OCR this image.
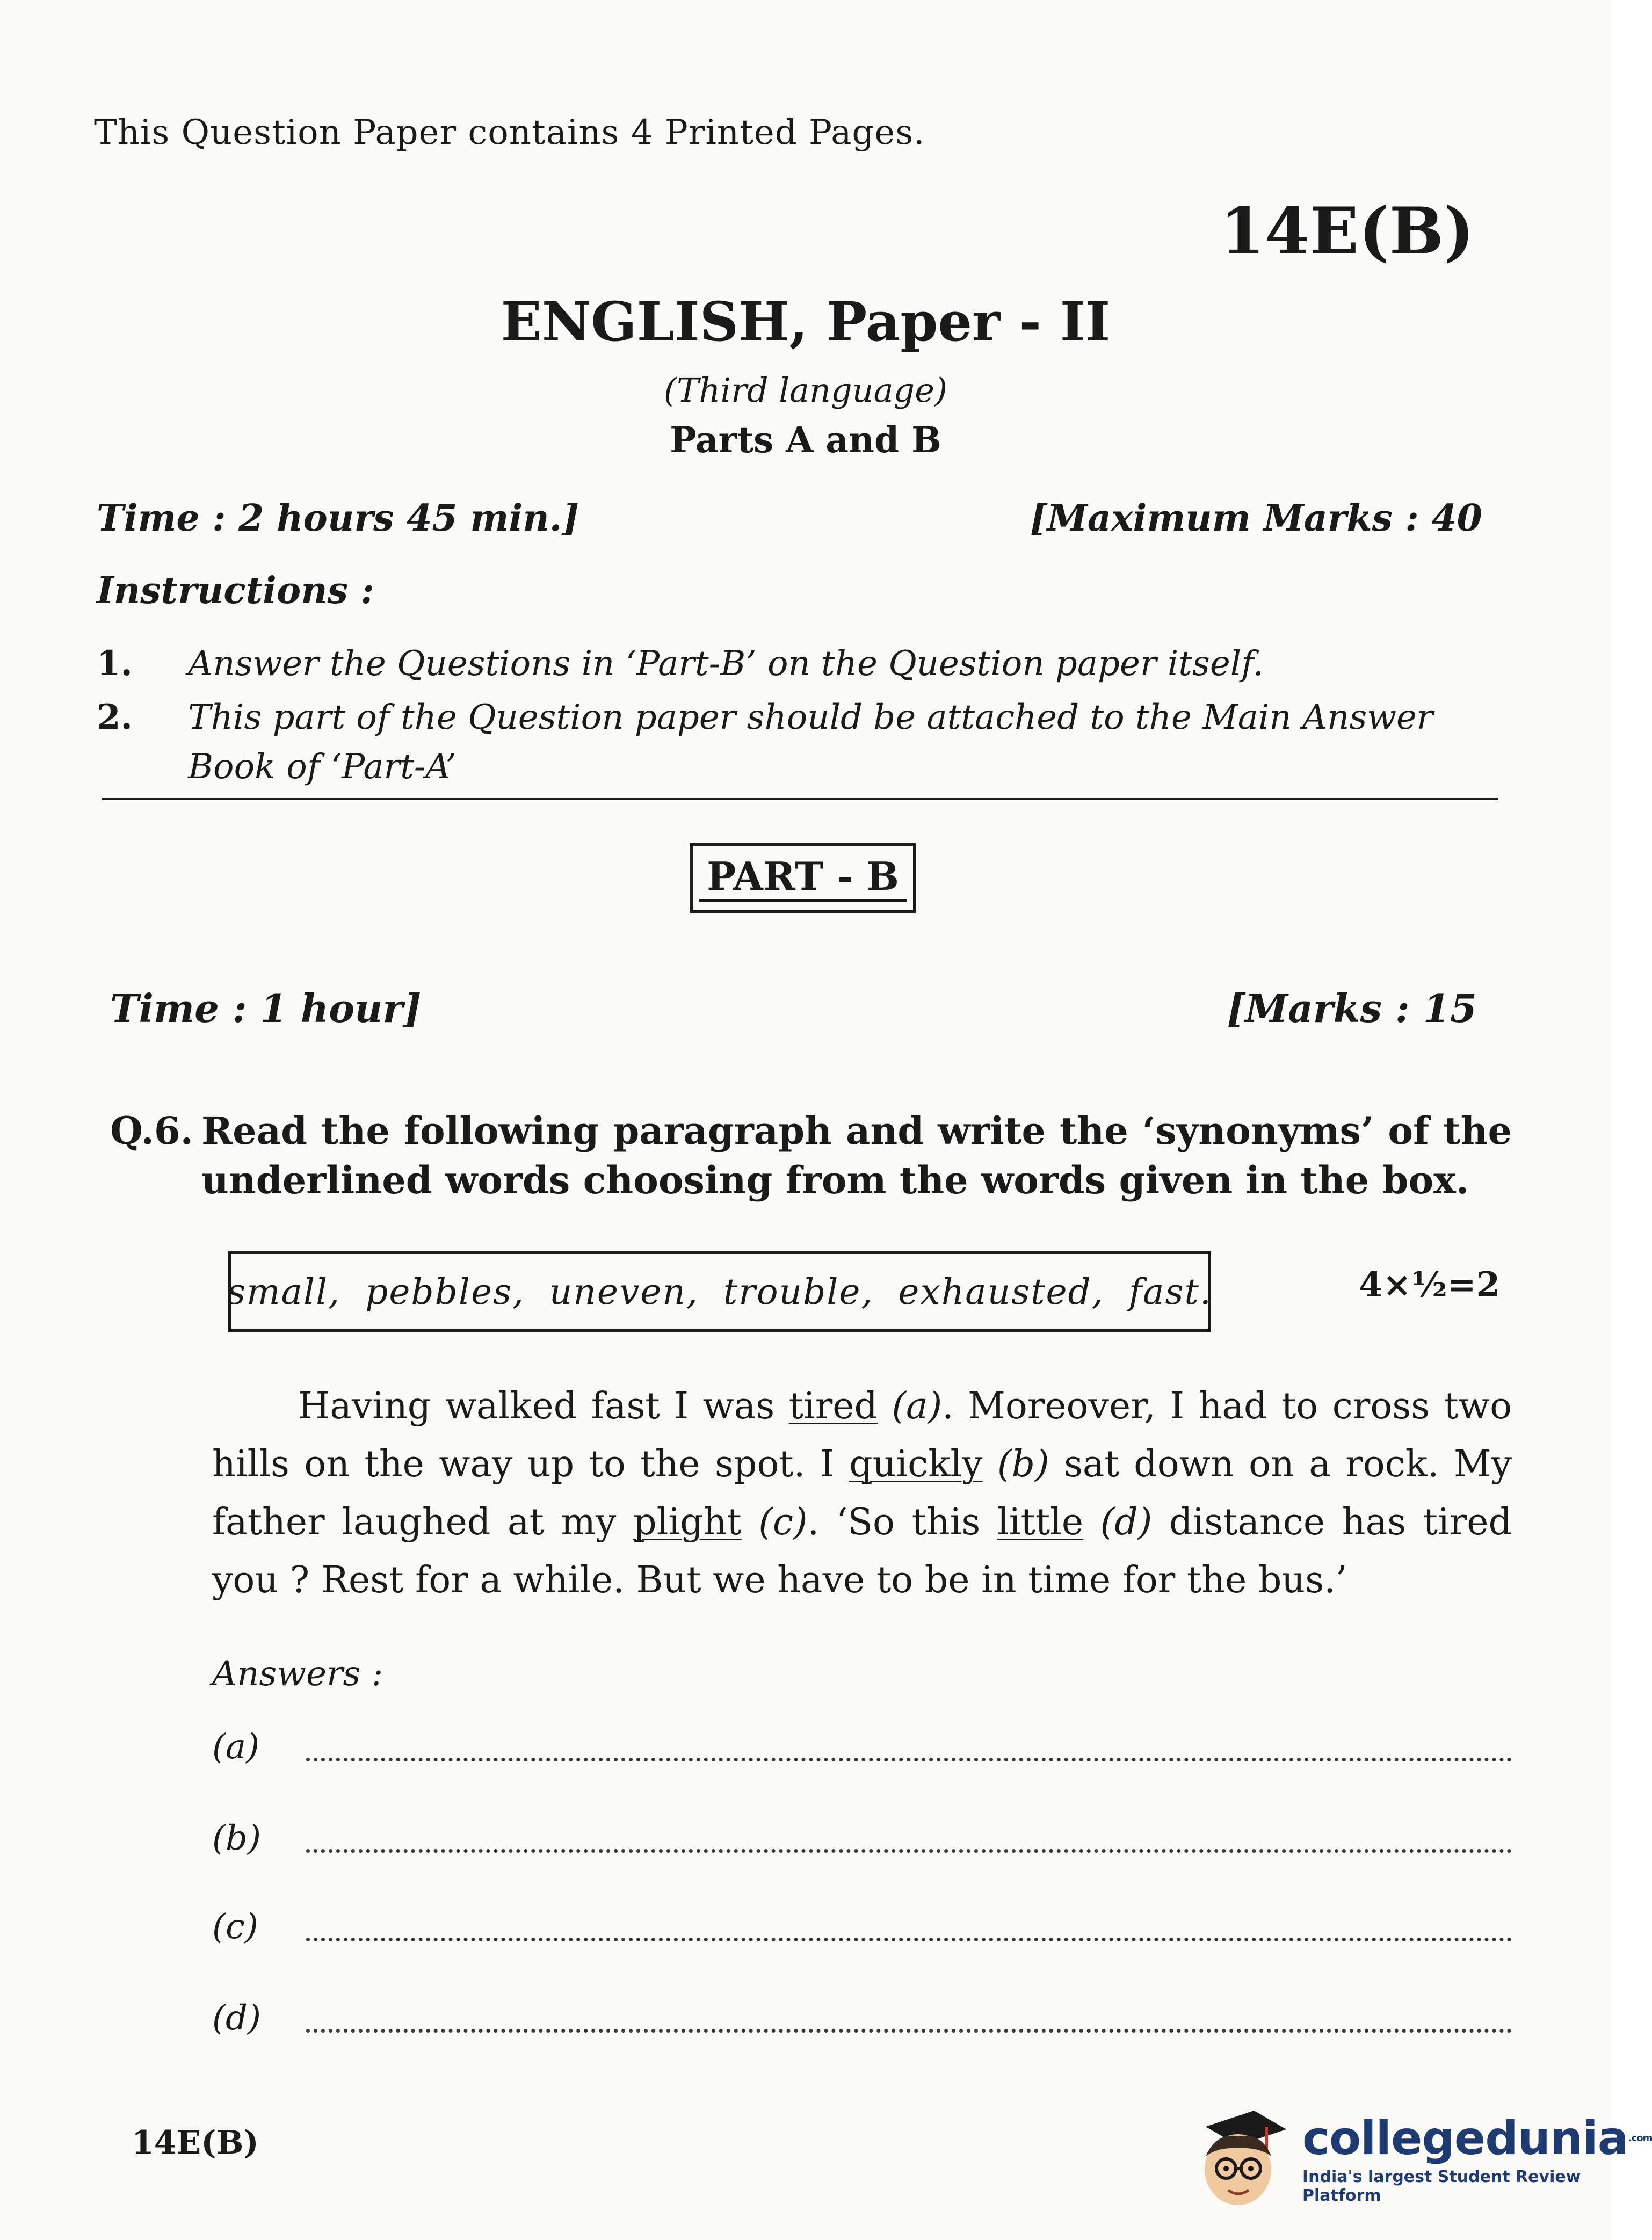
This Question Paper contains 4 Printed Pages.
14E(B)
ENGLISH, Paper - II
(Third language)
Parts A and B
Time : 2 hours 45 min.]	[Maximum Marks : 40
Instructions :
1.	Answer the Questions in ‘Part-B’ on the Question paper itself.
2.	This part of the Question paper should be attached to the Main Answer Book of ‘Part-A’
PART - B
Time : 1 hour]	[Marks : 15
Q.6. Read the following paragraph and write the ‘synonyms’ of the underlined words choosing from the words given in the box.
small,  pebbles,  uneven,  trouble,  exhausted,  fast.	4×½=2
Having walked fast I was tired (a). Moreover, I had to cross two hills on the way up to the spot. I quickly (b) sat down on a rock. My father laughed at my plight (c). ‘So this little (d) distance has tired you ? Rest for a while. But we have to be in time for the bus.’
Answers :
(a)
(b)
(c)
(d)
14E(B)	collegedunia$^{.com}$
India's largest Student Review Platform
